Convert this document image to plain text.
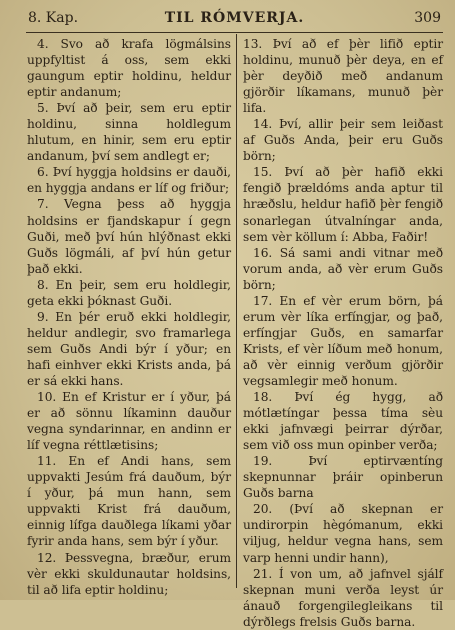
8. Kap.	TIL RÓMVERJA.	309

4. Svo að krafa lögmálsins uppfyltist á oss, sem ekki gaungum eptir holdinu, heldur eptir andanum;

5. Því að þeir, sem eru eptir holdinu, sinna holdlegum hlutum, en hinir, sem eru eptir andanum, því sem andlegt er;

6. Því hyggja holdsins er dauði, en hyggja andans er líf og friður;

7. Vegna þess að hyggja holdsins er fjandskapur í gegn Guði, með því hún hlýðnast ekki Guðs lögmáli, af því hún getur það ekki.

8. En þeir, sem eru holdlegir, geta ekki þóknast Guði.

9. En þér eruð ekki holdlegir, heldur andlegir, svo framarlega sem Guðs Andi býr í yður; en hafi einhver ekki Krists anda, þá er sá ekki hans.

10. En ef Kristur er í yður, þá er að sönnu líkaminn dauður vegna syndarinnar, en andinn er líf vegna réttlætisins;

11. En ef Andi hans, sem uppvakti Jesúm frá dauðum, býr í yður, þá mun hann, sem uppvakti Krist frá dauðum, einnig lífga dauðlega líkami yðar fyrir anda hans, sem býr í yður.

12. Þessvegna, bræður, erum vèr ekki skuldunautar holdsins, til að lifa eptir holdinu;

13. Því að ef þèr lifið eptir holdinu, munuð þèr deya, en ef þèr deyðið með andanum gjörðir líkamans, munuð þèr lifa.

14. Því, allir þeir sem leiðast af Guðs Anda, þeir eru Guðs börn;

15. Því að þèr hafið ekki fengið þrældóms anda aptur til hræðslu, heldur hafið þèr fengið sonarlegan útvalníngar anda, sem vèr köllum í: Abba, Faðir!

16. Sá sami andi vitnar með vorum anda, að vèr erum Guðs börn;

17. En ef vèr erum börn, þá erum vèr líka erfíngjar, og það, erfíngjar Guðs, en samarfar Krists, ef vèr líðum með honum, að vèr einnig verðum gjörðir vegsamlegir með honum.

18. Því ég hygg, að mótlætíngar þessa tíma sèu ekki jafnvægi þeirrar dýrðar, sem við oss mun opinber verða;

19. Því eptirvæntíng skepnunnar þráir opinberun Guðs barna

20. (Því að skepnan er undirorpin hègómanum, ekki viljug, heldur vegna hans, sem varp henni undir hann),

21. Í von um, að jafnvel sjálf skepnan muni verða leyst úr ánauð forgengilegleikans til dýrðlegs frelsis Guðs barna.
